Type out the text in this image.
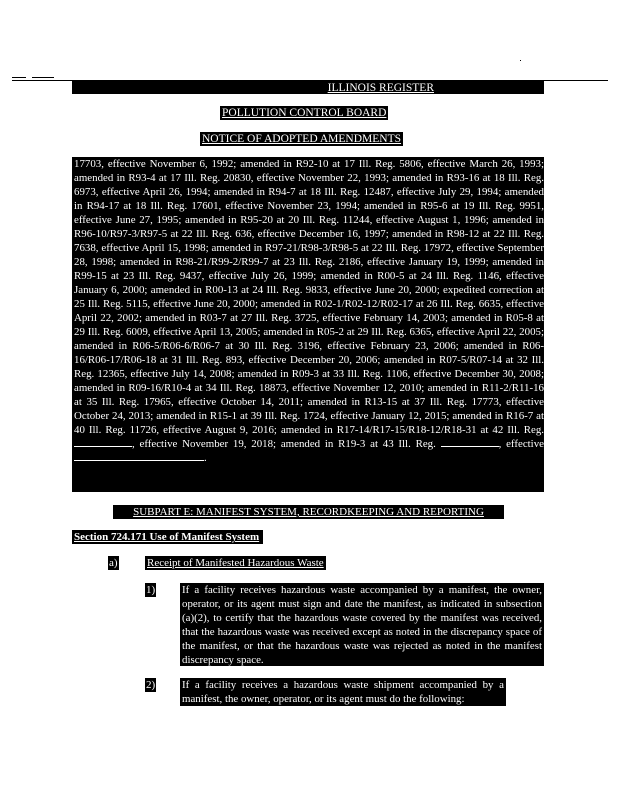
ILLINOIS REGISTER
POLLUTION CONTROL BOARD
NOTICE OF ADOPTED AMENDMENTS
17703, effective November 6, 1992; amended in R92-10 at 17 Ill. Reg. 5806, effective March 26, 1993; amended in R93-4 at 17 Ill. Reg. 20830, effective November 22, 1993; amended in R93-16 at 18 Ill. Reg. 6973, effective April 26, 1994; amended in R94-7 at 18 Ill. Reg. 12487, effective July 29, 1994; amended in R94-17 at 18 Ill. Reg. 17601, effective November 23, 1994; amended in R95-6 at 19 Ill. Reg. 9951, effective June 27, 1995; amended in R95-20 at 20 Ill. Reg. 11244, effective August 1, 1996; amended in R96-10/R97-3/R97-5 at 22 Ill. Reg. 636, effective December 16, 1997; amended in R98-12 at 22 Ill. Reg. 7638, effective April 15, 1998; amended in R97-21/R98-3/R98-5 at 22 Ill. Reg. 17972, effective September 28, 1998; amended in R98-21/R99-2/R99-7 at 23 Ill. Reg. 2186, effective January 19, 1999; amended in R99-15 at 23 Ill. Reg. 9437, effective July 26, 1999; amended in R00-5 at 24 Ill. Reg. 1146, effective January 6, 2000; amended in R00-13 at 24 Ill. Reg. 9833, effective June 20, 2000; expedited correction at 25 Ill. Reg. 5115, effective June 20, 2000; amended in R02-1/R02-12/R02-17 at 26 Ill. Reg. 6635, effective April 22, 2002; amended in R03-7 at 27 Ill. Reg. 3725, effective February 14, 2003; amended in R05-8 at 29 Ill. Reg. 6009, effective April 13, 2005; amended in R05-2 at 29 Ill. Reg. 6365, effective April 22, 2005; amended in R06-5/R06-6/R06-7 at 30 Ill. Reg. 3196, effective February 23, 2006; amended in R06-16/R06-17/R06-18 at 31 Ill. Reg. 893, effective December 20, 2006; amended in R07-5/R07-14 at 32 Ill. Reg. 12365, effective July 14, 2008; amended in R09-3 at 33 Ill. Reg. 1106, effective December 30, 2008; amended in R09-16/R10-4 at 34 Ill. Reg. 18873, effective November 12, 2010; amended in R11-2/R11-16 at 35 Ill. Reg. 17965, effective October 14, 2011; amended in R13-15 at 37 Ill. Reg. 17773, effective October 24, 2013; amended in R15-1 at 39 Ill. Reg. 1724, effective January 12, 2015; amended in R16-7 at 40 Ill. Reg. 11726, effective August 9, 2016; amended in R17-14/R17-15/R18-12/R18-31 at 42 Ill. Reg. , effective November 19, 2018; amended in R19-3 at 43 Ill. Reg.	, effective .
SUBPART E: MANIFEST SYSTEM, RECORDKEEPING AND REPORTING
Section 724.171 Use of Manifest System
a)	Receipt of Manifested Hazardous Waste
1) If a facility receives hazardous waste accompanied by a manifest, the owner, operator, or its agent must sign and date the manifest, as indicated in subsection (a)(2), to certify that the hazardous waste covered by the manifest was received, that the hazardous waste was received except as noted in the discrepancy space of the manifest, or that the hazardous waste was rejected as noted in the manifest discrepancy space.
2) If a facility receives a hazardous waste shipment accompanied by a manifest, the owner, operator, or its agent must do the following:
